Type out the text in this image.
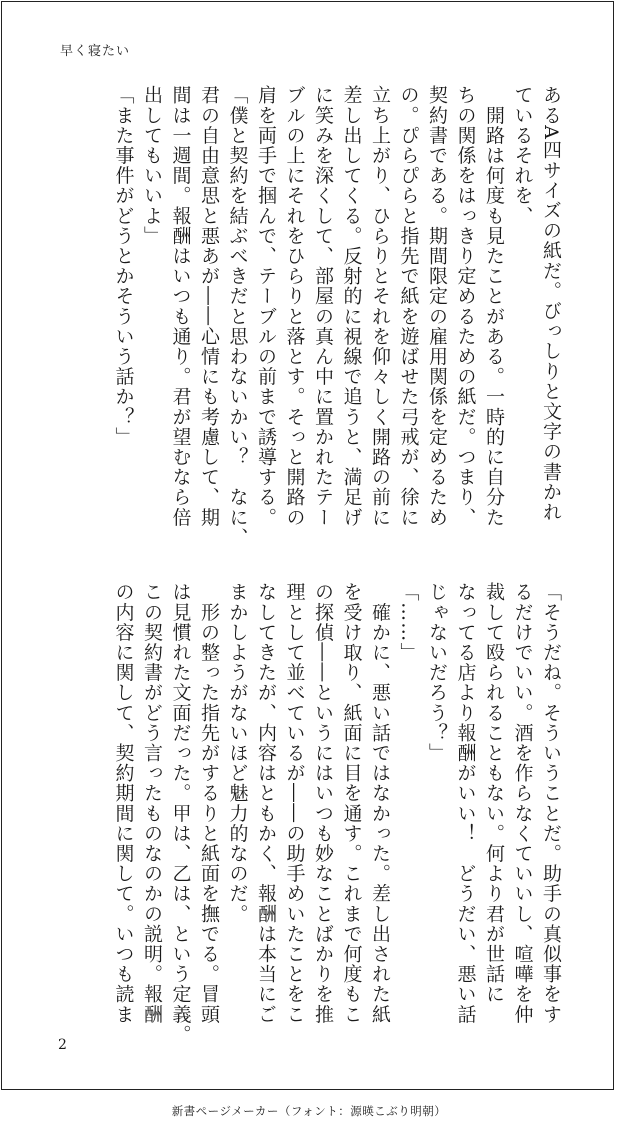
早く寝たい
あるA四サイズの紙だ。びっしりと文字の書かれ
ているそれを、
　開路は何度も見たことがある。一時的に自分た
ちの関係をはっきり定めるための紙だ。つまり、
契約書である。期間限定の雇用関係を定めるため
の。ぴらぴらと指先で紙を遊ばせた弓戒が、徐に
立ち上がり、ひらりとそれを仰々しく開路の前に
差し出してくる。反射的に視線で追うと、満足げ
に笑みを深くして、部屋の真ん中に置かれたテー
ブルの上にそれをひらりと落とす。そっと開路の
肩を両手で掴んで、テーブルの前まで誘導する。
「僕と契約を結ぶべきだと思わないかい？　なに、
君の自由意思と悪あが――心情にも考慮して、期
間は一週間。報酬はいつも通り。君が望むなら倍
出してもいいよ」
「また事件がどうとかそういう話か？」
「そうだね。そういうことだ。助手の真似事をす
るだけでいい。酒を作らなくていいし、喧嘩を仲
裁して殴られることもない。何より君が世話に
なってる店より報酬がいい！　どうだい、悪い話
じゃないだろう？」
「……」
　確かに、悪い話ではなかった。差し出された紙
を受け取り、紙面に目を通す。これまで何度もこ
の探偵――というにはいつも妙なことばかりを推
理として並べているが――の助手めいたことをこ
なしてきたが、内容はともかく、報酬は本当にご
まかしようがないほど魅力的なのだ。
　形の整った指先がするりと紙面を撫でる。冒頭
は見慣れた文面だった。甲は、乙は、という定義。
この契約書がどう言ったものなのかの説明。報酬
の内容に関して、契約期間に関して。いつも読ま
2
新書ページメーカー（フォント：源暎こぶり明朝）
